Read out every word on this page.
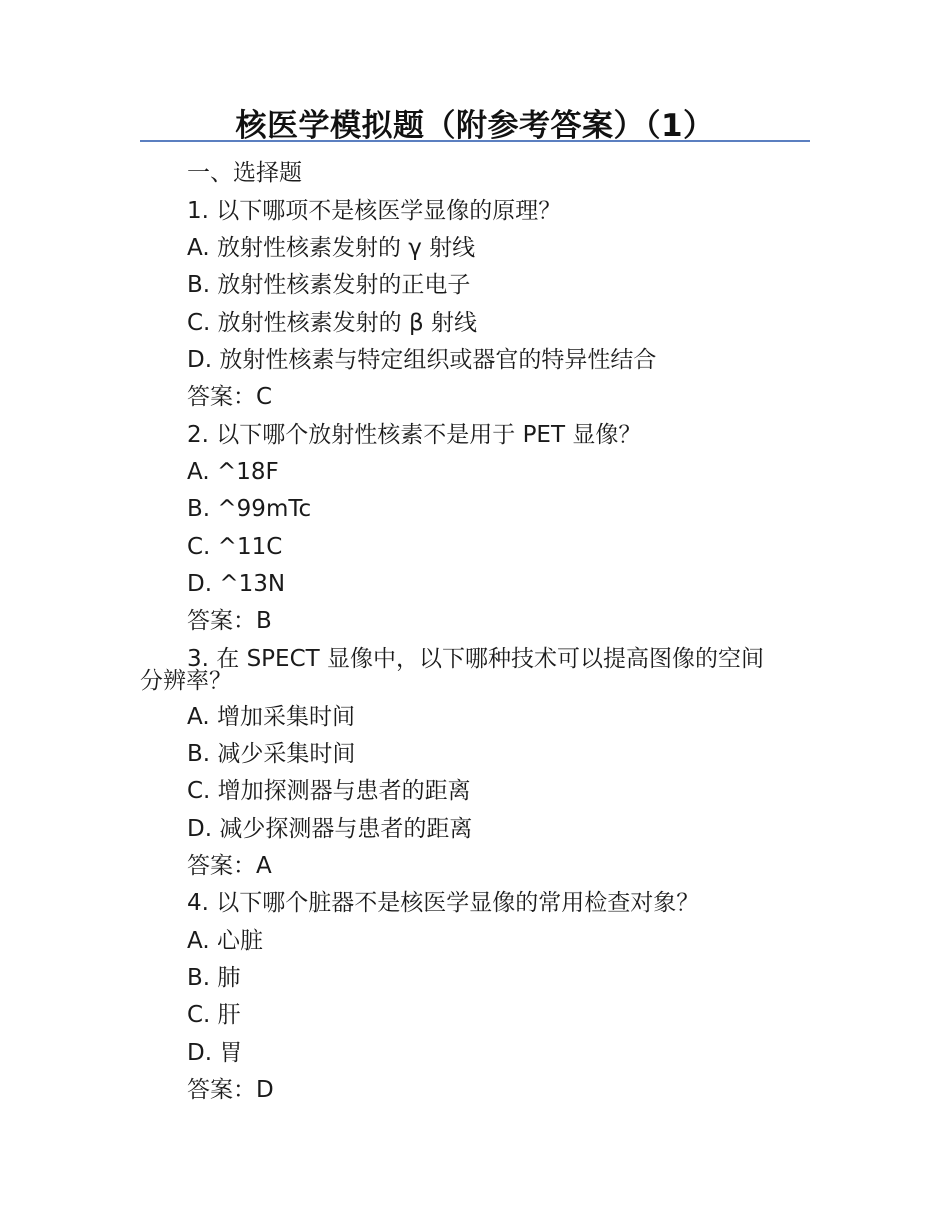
核医学模拟题（附参考答案）（1）
一、选择题
1. 以下哪项不是核医学显像的原理？
A. 放射性核素发射的 γ 射线
B. 放射性核素发射的正电子
C. 放射性核素发射的 β 射线
D. 放射性核素与特定组织或器官的特异性结合
答案：C
2. 以下哪个放射性核素不是用于 PET 显像？
A. ^18F
B. ^99mTc
C. ^11C
D. ^13N
答案：B
3. 在 SPECT 显像中，以下哪种技术可以提高图像的空间
分辨率？
A. 增加采集时间
B. 减少采集时间
C. 增加探测器与患者的距离
D. 减少探测器与患者的距离
答案：A
4. 以下哪个脏器不是核医学显像的常用检查对象？
A. 心脏
B. 肺
C. 肝
D. 胃
答案：D
